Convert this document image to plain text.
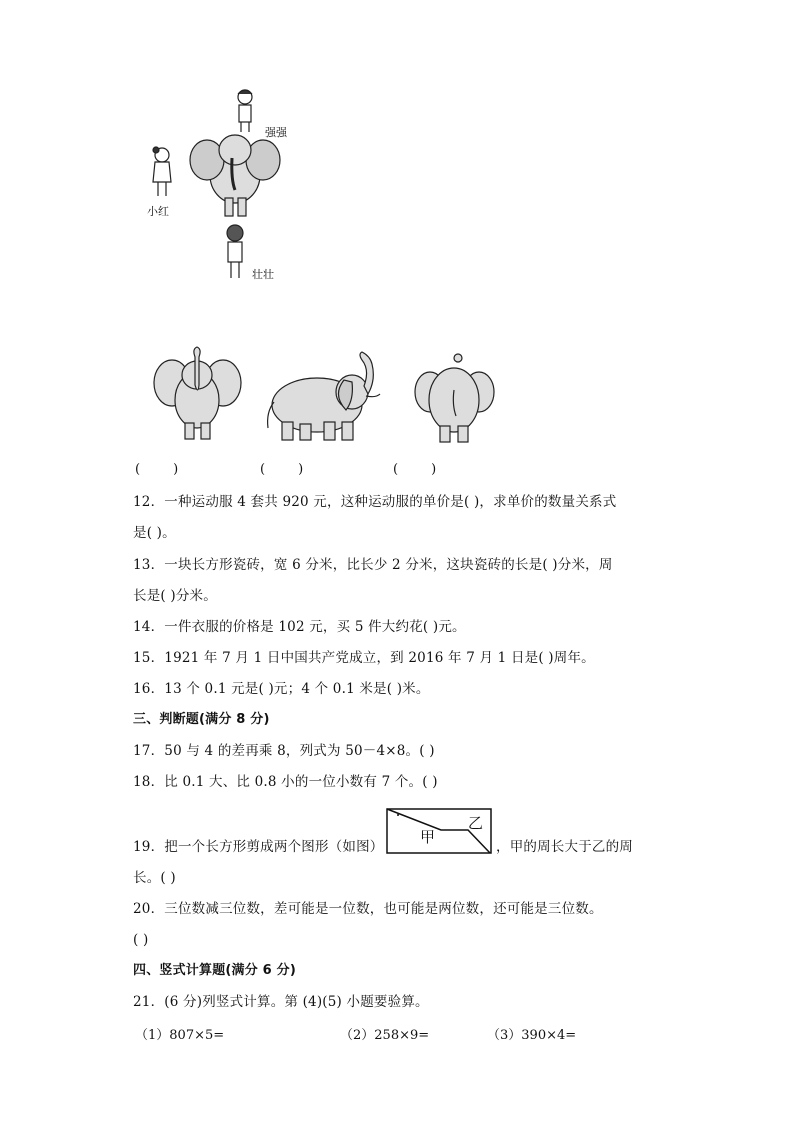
强强
小红
壮壮
(        )	(        )	(        )
12．一种运动服 4 套共 920 元，这种运动服的单价是( )，求单价的数量关系式
是( )。
13．一块长方形瓷砖，宽 6 分米，比长少 2 分米，这块瓷砖的长是( )分米，周
长是( )分米。
14．一件衣服的价格是 102 元，买 5 件大约花( )元。
15．1921 年 7 月 1 日中国共产党成立，到 2016 年 7 月 1 日是( )周年。
16．13 个 0.1 元是( )元；4 个 0.1 米是( )米。
三、判断题(满分 8 分)
17．50 与 4 的差再乘 8，列式为 50－4×8。( )
18．比 0.1 大、比 0.8 小的一位小数有 7 个。( )
19．把一个长方形剪成两个图形（如图）
甲
乙
，甲的周长大于乙的周
长。( )
20．三位数减三位数，差可能是一位数，也可能是两位数，还可能是三位数。
( )
四、竖式计算题(满分 6 分)
21．(6 分)列竖式计算。第 (4)(5) 小题要验算。
（1）807×5=	（2）258×9=	（3）390×4=
